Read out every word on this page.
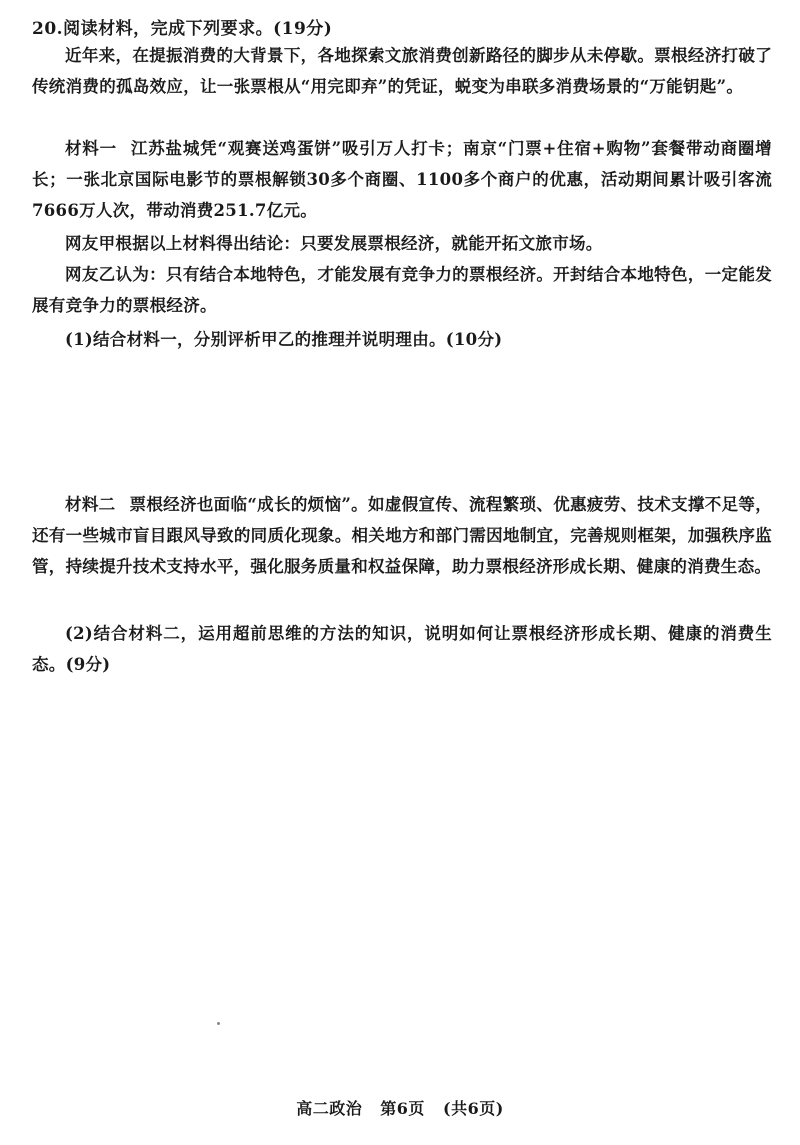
20.阅读材料，完成下列要求。(19分)
近年来，在提振消费的大背景下，各地探索文旅消费创新路径的脚步从未停歇。票根经济打破了传统消费的孤岛效应，让一张票根从“用完即弃”的凭证，蜕变为串联多消费场景的“万能钥匙”。
材料一 江苏盐城凭“观赛送鸡蛋饼”吸引万人打卡；南京“门票+住宿+购物”套餐带动商圈增长；一张北京国际电影节的票根解锁30多个商圈、1100多个商户的优惠，活动期间累计吸引客流7666万人次，带动消费251.7亿元。
网友甲根据以上材料得出结论：只要发展票根经济，就能开拓文旅市场。
网友乙认为：只有结合本地特色，才能发展有竞争力的票根经济。开封结合本地特色，一定能发展有竞争力的票根经济。
(1)结合材料一，分别评析甲乙的推理并说明理由。(10分)
材料二 票根经济也面临“成长的烦恼”。如虚假宣传、流程繁琐、优惠疲劳、技术支撑不足等，还有一些城市盲目跟风导致的同质化现象。相关地方和部门需因地制宜，完善规则框架，加强秩序监管，持续提升技术支持水平，强化服务质量和权益保障，助力票根经济形成长期、健康的消费生态。
(2)结合材料二，运用超前思维的方法的知识，说明如何让票根经济形成长期、健康的消费生态。(9分)
高二政治 第6页 (共6页)
